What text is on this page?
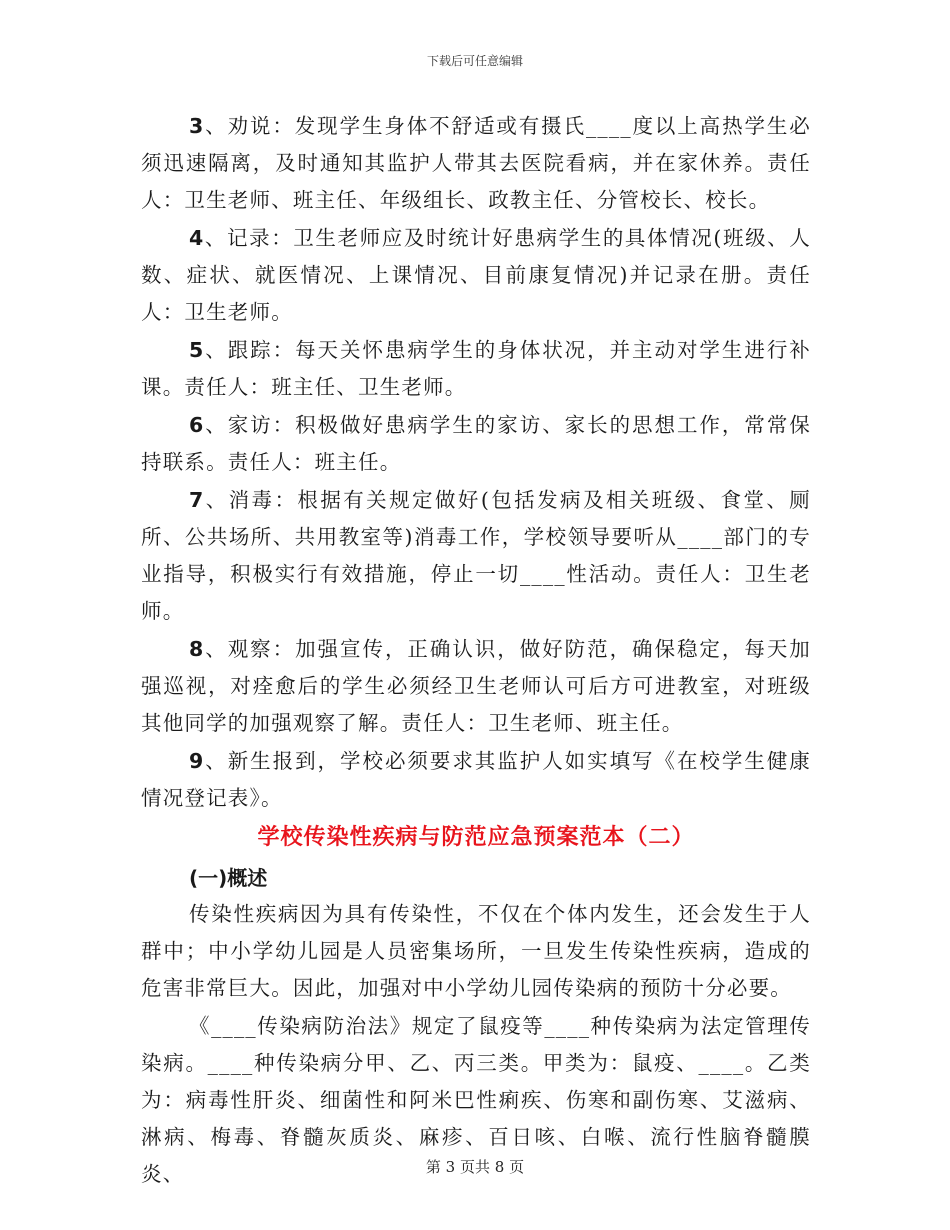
下载后可任意编辑

3、劝说：发现学生身体不舒适或有摄氏____度以上高热学生必须迅速隔离，及时通知其监护人带其去医院看病，并在家休养。责任人：卫生老师、班主任、年级组长、政教主任、分管校长、校长。

4、记录：卫生老师应及时统计好患病学生的具体情况(班级、人数、症状、就医情况、上课情况、目前康复情况)并记录在册。责任人：卫生老师。

5、跟踪：每天关怀患病学生的身体状况，并主动对学生进行补课。责任人：班主任、卫生老师。

6、家访：积极做好患病学生的家访、家长的思想工作，常常保持联系。责任人：班主任。

7、消毒：根据有关规定做好(包括发病及相关班级、食堂、厕所、公共场所、共用教室等)消毒工作，学校领导要听从____部门的专业指导，积极实行有效措施，停止一切____性活动。责任人：卫生老师。

8、观察：加强宣传，正确认识，做好防范，确保稳定，每天加强巡视，对痊愈后的学生必须经卫生老师认可后方可进教室，对班级其他同学的加强观察了解。责任人：卫生老师、班主任。

9、新生报到，学校必须要求其监护人如实填写《在校学生健康情况登记表》。

学校传染性疾病与防范应急预案范本（二）

(一)概述

传染性疾病因为具有传染性，不仅在个体内发生，还会发生于人群中；中小学幼儿园是人员密集场所，一旦发生传染性疾病，造成的危害非常巨大。因此，加强对中小学幼儿园传染病的预防十分必要。

《____传染病防治法》规定了鼠疫等____种传染病为法定管理传染病。____种传染病分甲、乙、丙三类。甲类为：鼠疫、____。乙类为：病毒性肝炎、细菌性和阿米巴性痢疾、伤寒和副伤寒、艾滋病、淋病、梅毒、脊髓灰质炎、麻疹、百日咳、白喉、流行性脑脊髓膜炎、	第 3 页共 8 页
